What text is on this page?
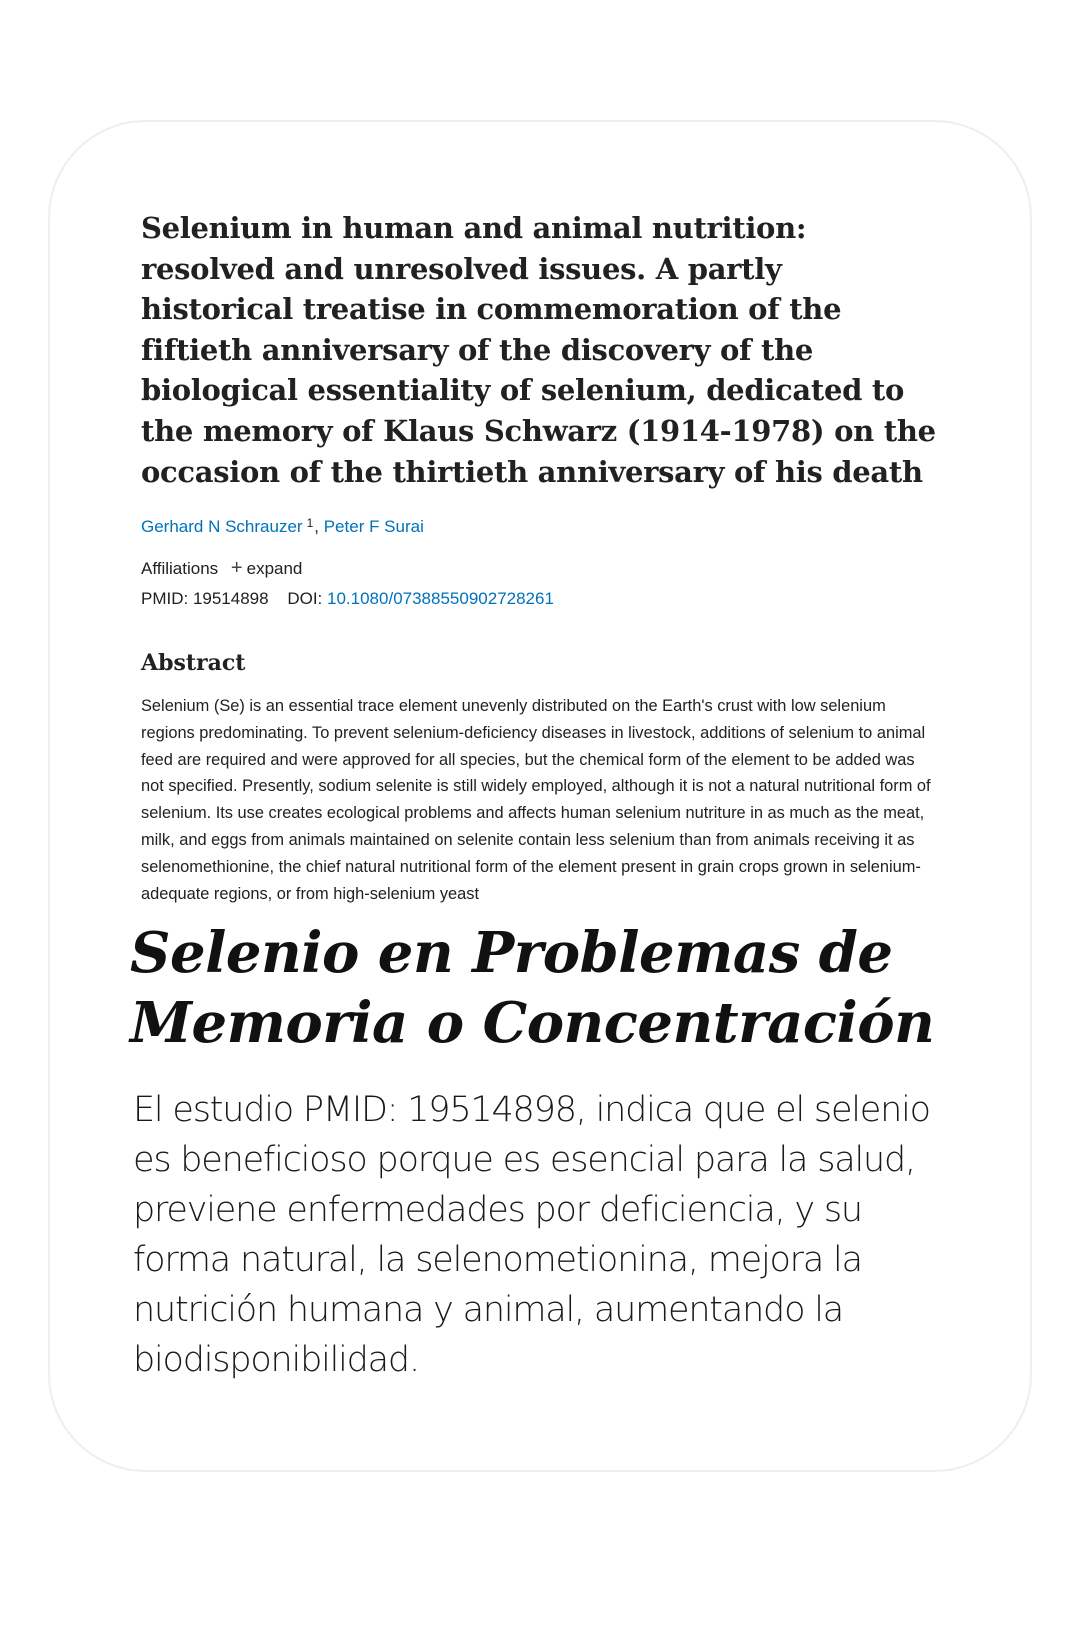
Selenium in human and animal nutrition: resolved and unresolved issues. A partly historical treatise in commemoration of the fiftieth anniversary of the discovery of the biological essentiality of selenium, dedicated to the memory of Klaus Schwarz (1914-1978) on the occasion of the thirtieth anniversary of his death
Gerhard N Schrauzer $^1$, Peter F Surai
Affiliations + expand
PMID: 19514898 DOI: 10.1080/07388550902728261
Abstract

Selenium (Se) is an essential trace element unevenly distributed on the Earth's crust with low selenium regions predominating. To prevent selenium-deficiency diseases in livestock, additions of selenium to animal feed are required and were approved for all species, but the chemical form of the element to be added was not specified. Presently, sodium selenite is still widely employed, although it is not a natural nutritional form of selenium. Its use creates ecological problems and affects human selenium nutriture in as much as the meat, milk, and eggs from animals maintained on selenite contain less selenium than from animals receiving it as selenomethionine, the chief natural nutritional form of the element present in grain crops grown in selenium-adequate regions, or from high-selenium yeast

Selenio en Problemas de Memoria o Concentración

El estudio PMID: 19514898, indica que el selenio es beneficioso porque es esencial para la salud, previene enfermedades por deficiencia, y su forma natural, la selenometionina, mejora la nutrición humana y animal, aumentando la biodisponibilidad.
